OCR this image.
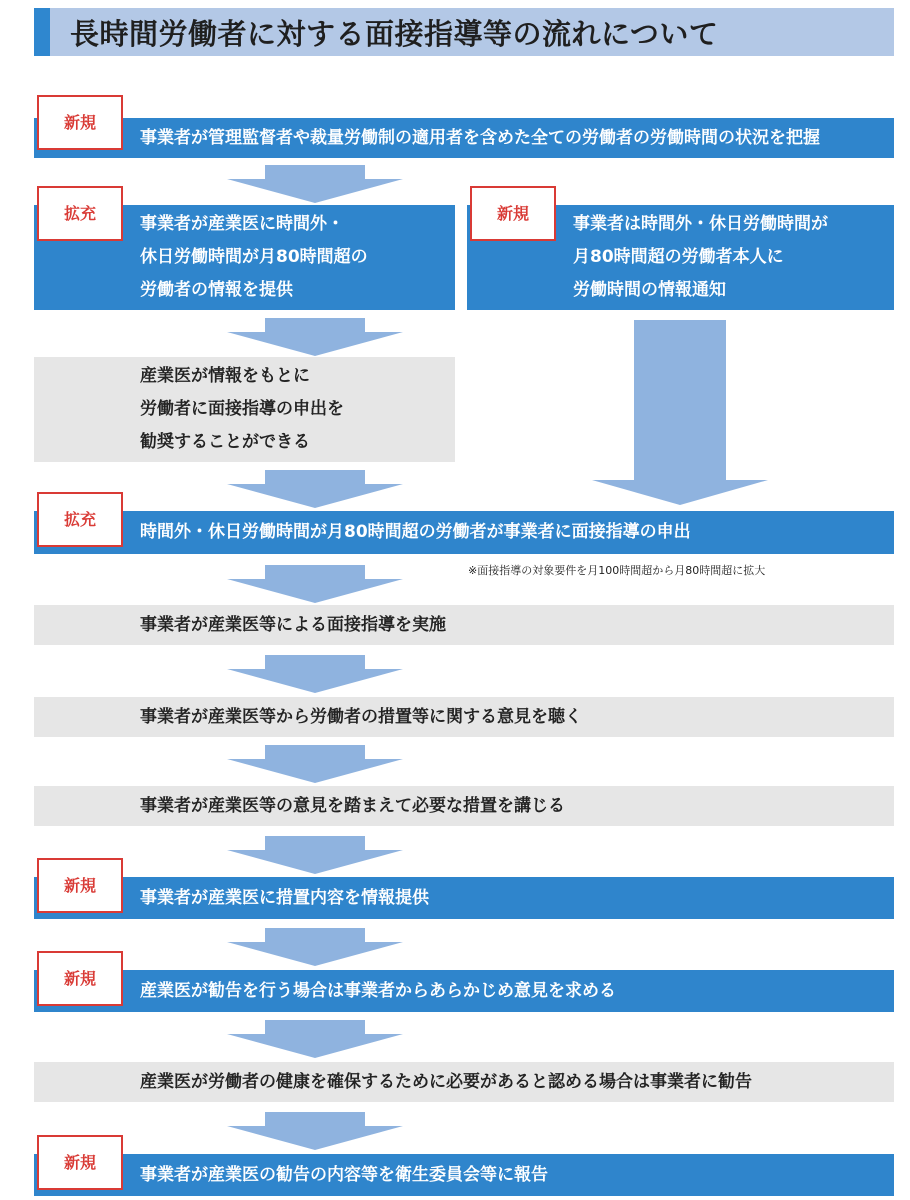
長時間労働者に対する面接指導等の流れについて
事業者が管理監督者や裁量労働制の適用者を含めた全ての労働者の労働時間の状況を把握
新規
事業者が産業医に時間外・
休日労働時間が月80時間超の
労働者の情報を提供
拡充
事業者は時間外・休日労働時間が
月80時間超の労働者本人に
労働時間の情報通知
新規
産業医が情報をもとに
労働者に面接指導の申出を
勧奨することができる
時間外・休日労働時間が月80時間超の労働者が事業者に面接指導の申出
拡充
※面接指導の対象要件を月100時間超から月80時間超に拡大
事業者が産業医等による面接指導を実施
事業者が産業医等から労働者の措置等に関する意見を聴く
事業者が産業医等の意見を踏まえて必要な措置を講じる
事業者が産業医に措置内容を情報提供
新規
産業医が勧告を行う場合は事業者からあらかじめ意見を求める
新規
産業医が労働者の健康を確保するために必要があると認める場合は事業者に勧告
事業者が産業医の勧告の内容等を衛生委員会等に報告
新規
